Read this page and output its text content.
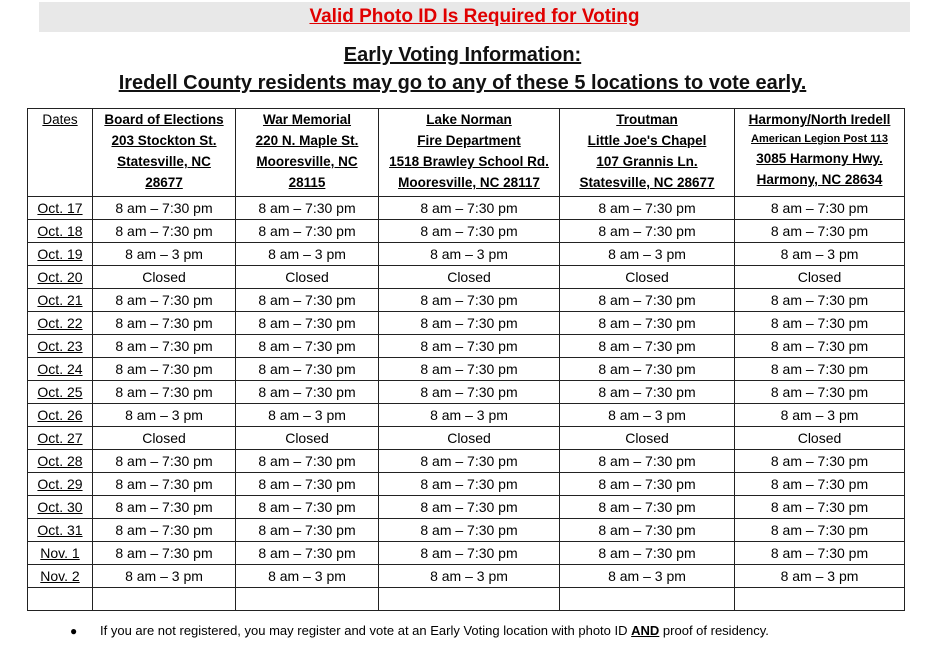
Valid Photo ID Is Required for Voting
Early Voting Information:
Iredell County residents may go to any of these 5 locations to vote early.
Dates	Board of Elections
203 Stockton St.
Statesville, NC
28677	War Memorial
220 N. Maple St.
Mooresville, NC
28115	Lake Norman
Fire Department
1518 Brawley School Rd.
Mooresville, NC 28117	Troutman
Little Joe's Chapel
107 Grannis Ln.
Statesville, NC 28677	Harmony/North Iredell
American Legion Post 113
3085 Harmony Hwy.
Harmony, NC 28634

Oct. 17	8 am – 7:30 pm	8 am – 7:30 pm	8 am – 7:30 pm	8 am – 7:30 pm	8 am – 7:30 pm
Oct. 18	8 am – 7:30 pm	8 am – 7:30 pm	8 am – 7:30 pm	8 am – 7:30 pm	8 am – 7:30 pm
Oct. 19	8 am – 3 pm	8 am – 3 pm	8 am – 3 pm	8 am – 3 pm	8 am – 3 pm
Oct. 20	Closed	Closed	Closed	Closed	Closed
Oct. 21	8 am – 7:30 pm	8 am – 7:30 pm	8 am – 7:30 pm	8 am – 7:30 pm	8 am – 7:30 pm
Oct. 22	8 am – 7:30 pm	8 am – 7:30 pm	8 am – 7:30 pm	8 am – 7:30 pm	8 am – 7:30 pm
Oct. 23	8 am – 7:30 pm	8 am – 7:30 pm	8 am – 7:30 pm	8 am – 7:30 pm	8 am – 7:30 pm
Oct. 24	8 am – 7:30 pm	8 am – 7:30 pm	8 am – 7:30 pm	8 am – 7:30 pm	8 am – 7:30 pm
Oct. 25	8 am – 7:30 pm	8 am – 7:30 pm	8 am – 7:30 pm	8 am – 7:30 pm	8 am – 7:30 pm
Oct. 26	8 am – 3 pm	8 am – 3 pm	8 am – 3 pm	8 am – 3 pm	8 am – 3 pm
Oct. 27	Closed	Closed	Closed	Closed	Closed
Oct. 28	8 am – 7:30 pm	8 am – 7:30 pm	8 am – 7:30 pm	8 am – 7:30 pm	8 am – 7:30 pm
Oct. 29	8 am – 7:30 pm	8 am – 7:30 pm	8 am – 7:30 pm	8 am – 7:30 pm	8 am – 7:30 pm
Oct. 30	8 am – 7:30 pm	8 am – 7:30 pm	8 am – 7:30 pm	8 am – 7:30 pm	8 am – 7:30 pm
Oct. 31	8 am – 7:30 pm	8 am – 7:30 pm	8 am – 7:30 pm	8 am – 7:30 pm	8 am – 7:30 pm
Nov. 1	8 am – 7:30 pm	8 am – 7:30 pm	8 am – 7:30 pm	8 am – 7:30 pm	8 am – 7:30 pm
Nov. 2	8 am – 3 pm	8 am – 3 pm	8 am – 3 pm	8 am – 3 pm	8 am – 3 pm

● If you are not registered, you may register and vote at an Early Voting location with photo ID AND proof of residency.
